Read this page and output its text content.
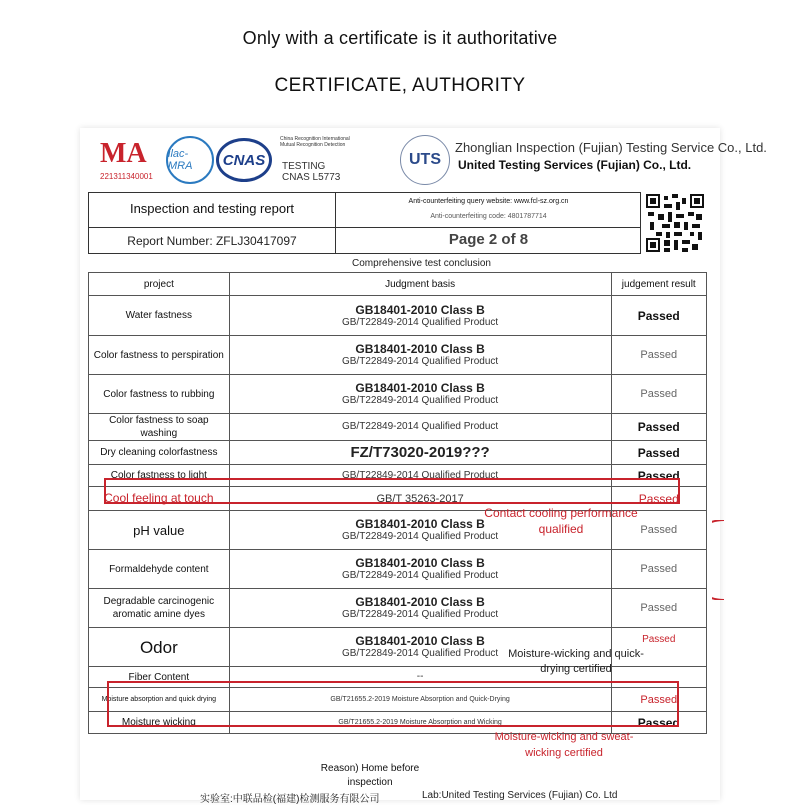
Only with a certificate is it authoritative
CERTIFICATE, AUTHORITY
MA
221311340001
ilac-MRA	CNAS
China Recognition International Mutual Recognition Detection
TESTING
CNAS L5773
UTS
Zhonglian Inspection (Fujian) Testing Service Co., Ltd.
United Testing Services (Fujian) Co., Ltd.
Inspection and testing report
Report Number: ZFLJ30417097
Anti-counterfeiting query website: www.fcl-sz.org.cn
Anti-counterfeiting code: 4801787714
Page 2 of 8
Comprehensive test conclusion
project	Judgment basis	judgement result
Water fastness	GB18401-2010 Class B
GB/T22849-2014 Qualified Product	Passed
Color fastness to perspiration	GB18401-2010 Class B
GB/T22849-2014 Qualified Product	Passed
Color fastness to rubbing	GB18401-2010 Class B
GB/T22849-2014 Qualified Product	Passed
Color fastness to soap washing	GB/T22849-2014 Qualified Product	Passed
Dry cleaning colorfastness	FZ/T73020-2019???	Passed
Color fastness to light	GB/T22849-2014 Qualified Product	Passed
Cool feeling at touch	GB/T 35263-2017	Passed
pH value	GB18401-2010 Class B
GB/T22849-2014 Qualified Product	Passed
Formaldehyde content	GB18401-2010 Class B
GB/T22849-2014 Qualified Product	Passed
Degradable carcinogenic aromatic amine dyes	GB18401-2010 Class B
GB/T22849-2014 Qualified Product	Passed
Odor	GB18401-2010 Class B
GB/T22849-2014 Qualified Product	Passed
Fiber Content	--	
Moisture absorption and quick drying	GB/T21655.2-2019 Moisture Absorption and Quick-Drying	Passed
Moisture wicking	GB/T21655.2-2019 Moisture Absorption and Wicking	Passed
Contact cooling performance qualified
Moisture-wicking and quick-drying certified
Moisture-wicking and sweat-wicking certified
Reason) Home before inspection
实验室:中联品检(福建)检测服务有限公司	Lab:United Testing Services (Fujian) Co. Ltd
